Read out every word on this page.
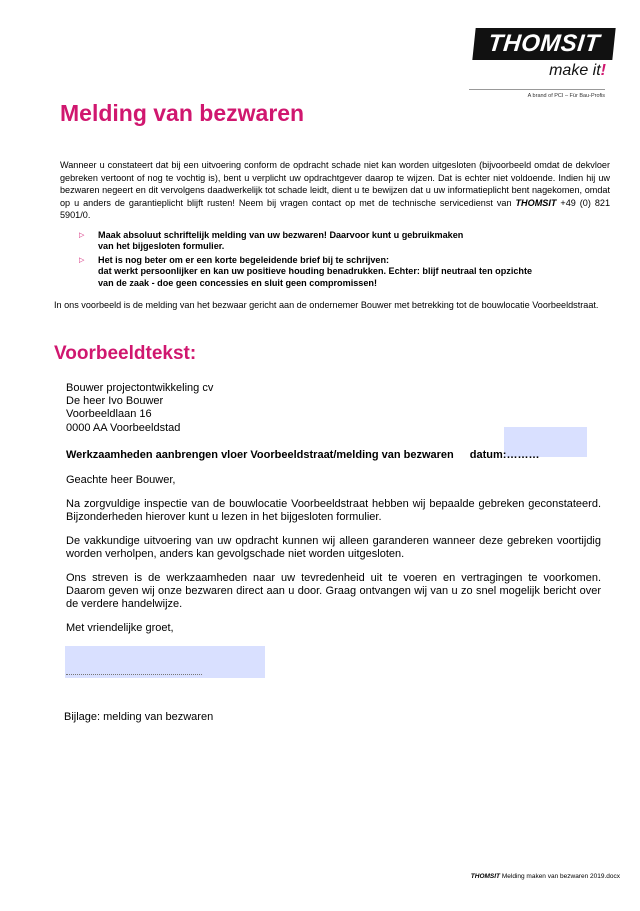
THOMSIT
make it!
A brand of PCI – Für Bau-Profis
Melding van bezwaren
Wanneer u constateert dat bij een uitvoering conform de opdracht schade niet kan worden uitgesloten (bijvoorbeeld omdat de dekvloer gebreken vertoont of nog te vochtig is), bent u verplicht uw opdrachtgever daarop te wijzen. Dat is echter niet voldoende. Indien hij uw bezwaren negeert en dit vervolgens daadwerkelijk tot schade leidt, dient u te bewijzen dat u uw informatieplicht bent nagekomen, omdat op u anders de garantieplicht blijft rusten! Neem bij vragen contact op met de technische servicedienst van THOMSIT +49 (0) 821 5901/0.
▷ Maak absoluut schriftelijk melding van uw bezwaren! Daarvoor kunt u gebruikmaken
van het bijgesloten formulier.
▷ Het is nog beter om er een korte begeleidende brief bij te schrijven:
dat werkt persoonlijker en kan uw positieve houding benadrukken. Echter: blijf neutraal ten opzichte
van de zaak - doe geen concessies en sluit geen compromissen!
In ons voorbeeld is de melding van het bezwaar gericht aan de ondernemer Bouwer met betrekking tot de bouwlocatie Voorbeeldstraat.
Voorbeeldtekst:
Bouwer projectontwikkeling cv
De heer Ivo Bouwer
Voorbeeldlaan 16
0000 AA Voorbeeldstad
Werkzaamheden aanbrengen vloer Voorbeeldstraat/melding van bezwaren datum:………
Geachte heer Bouwer,
Na zorgvuldige inspectie van de bouwlocatie Voorbeeldstraat hebben wij bepaalde gebreken geconstateerd. Bijzonderheden hierover kunt u lezen in het bijgesloten formulier.
De vakkundige uitvoering van uw opdracht kunnen wij alleen garanderen wanneer deze gebreken voortijdig worden verholpen, anders kan gevolgschade niet worden uitgesloten.
Ons streven is de werkzaamheden naar uw tevredenheid uit te voeren en vertragingen te voorkomen. Daarom geven wij onze bezwaren direct aan u door. Graag ontvangen wij van u zo snel mogelijk bericht over de verdere handelwijze.
Met vriendelijke groet,
Bijlage: melding van bezwaren
THOMSIT Melding maken van bezwaren 2019.docx
